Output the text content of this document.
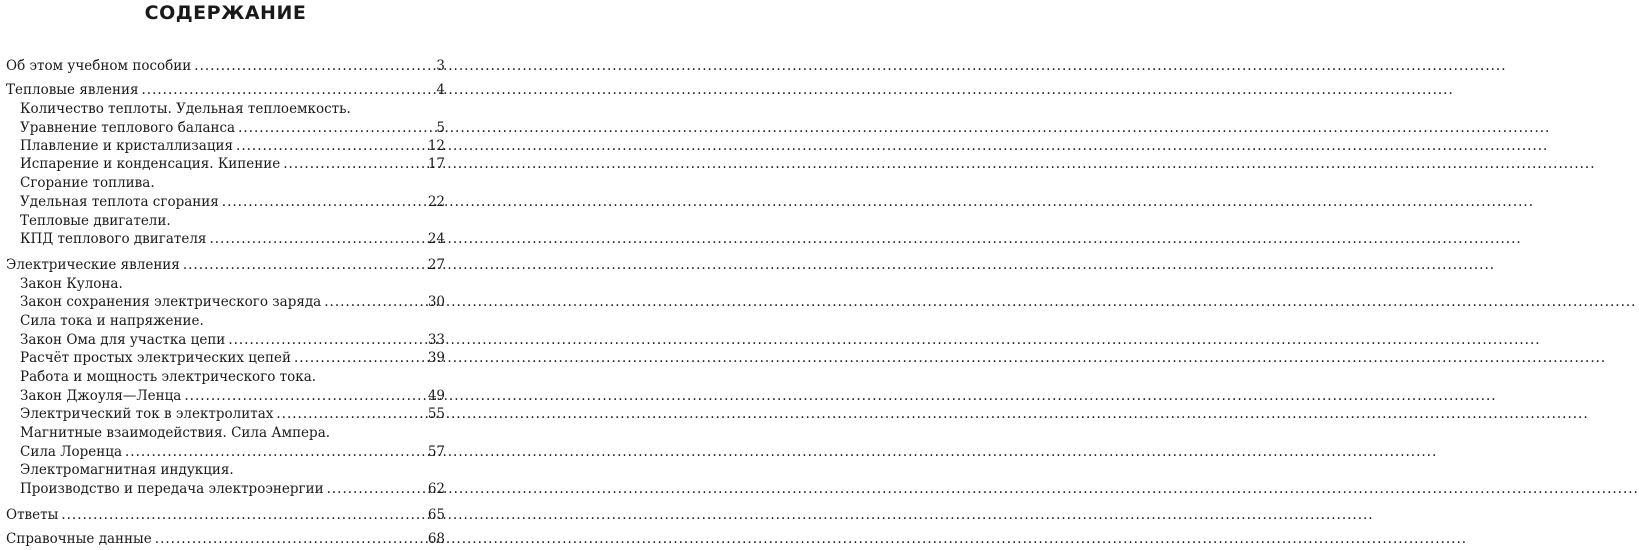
СОДЕРЖАНИЕ
Об этом учебном пособии .....	3
Тепловые явления .....	4
Количество теплоты. Удельная теплоемкость.
Уравнение теплового баланса .....	5
Плавление и кристаллизация .....	12
Испарение и конденсация. Кипение .....	17
Сгорание топлива.
Удельная теплота сгорания .....	22
Тепловые двигатели.
КПД теплового двигателя .....	24
Электрические явления .....	27
Закон Кулона.
Закон сохранения электрического заряда .....	30
Сила тока и напряжение.
Закон Ома для участка цепи .....	33
Расчёт простых электрических цепей .....	39
Работа и мощность электрического тока.
Закон Джоуля—Ленца .....	49
Электрический ток в электролитах .....	55
Магнитные взаимодействия. Сила Ампера.
Сила Лоренца .....	57
Электромагнитная индукция.
Производство и передача электроэнергии .....	62
Ответы .....	65
Справочные данные .....	68
